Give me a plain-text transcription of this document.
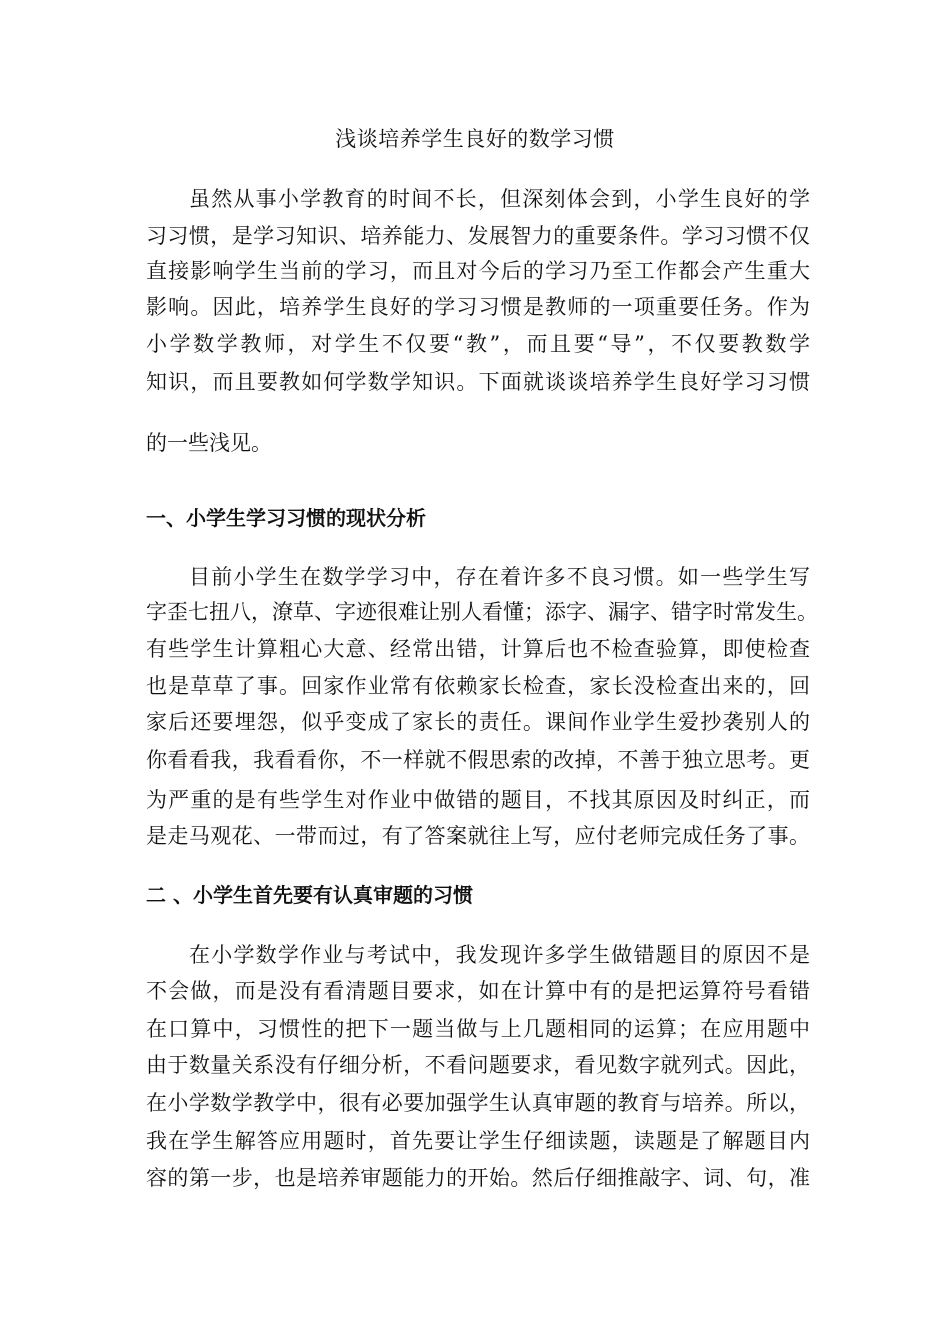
浅谈培养学生良好的数学习惯
虽然从事小学教育的时间不长，但深刻体会到，小学生良好的学
习习惯，是学习知识、培养能力、发展智力的重要条件。学习习惯不仅
直接影响学生当前的学习，而且对今后的学习乃至工作都会产生重大
影响。因此，培养学生良好的学习习惯是教师的一项重要任务。作为
小学数学教师，对学生不仅要“教”，而且要“导”，不仅要教数学
知识，而且要教如何学数学知识。下面就谈谈培养学生良好学习习惯
的一些浅见。
一、小学生学习习惯的现状分析
目前小学生在数学学习中，存在着许多不良习惯。如一些学生写
字歪七扭八，潦草、字迹很难让别人看懂；添字、漏字、错字时常发生。
有些学生计算粗心大意、经常出错，计算后也不检查验算，即使检查
也是草草了事。回家作业常有依赖家长检查，家长没检查出来的，回
家后还要埋怨，似乎变成了家长的责任。课间作业学生爱抄袭别人的
你看看我，我看看你，不一样就不假思索的改掉，不善于独立思考。更
为严重的是有些学生对作业中做错的题目，不找其原因及时纠正，而
是走马观花、一带而过，有了答案就往上写，应付老师完成任务了事。
二 、小学生首先要有认真审题的习惯
在小学数学作业与考试中，我发现许多学生做错题目的原因不是
不会做，而是没有看清题目要求，如在计算中有的是把运算符号看错
在口算中，习惯性的把下一题当做与上几题相同的运算；在应用题中
由于数量关系没有仔细分析，不看问题要求，看见数字就列式。因此，
在小学数学教学中，很有必要加强学生认真审题的教育与培养。所以，
我在学生解答应用题时，首先要让学生仔细读题，读题是了解题目内
容的第一步，也是培养审题能力的开始。然后仔细推敲字、词、句，准
